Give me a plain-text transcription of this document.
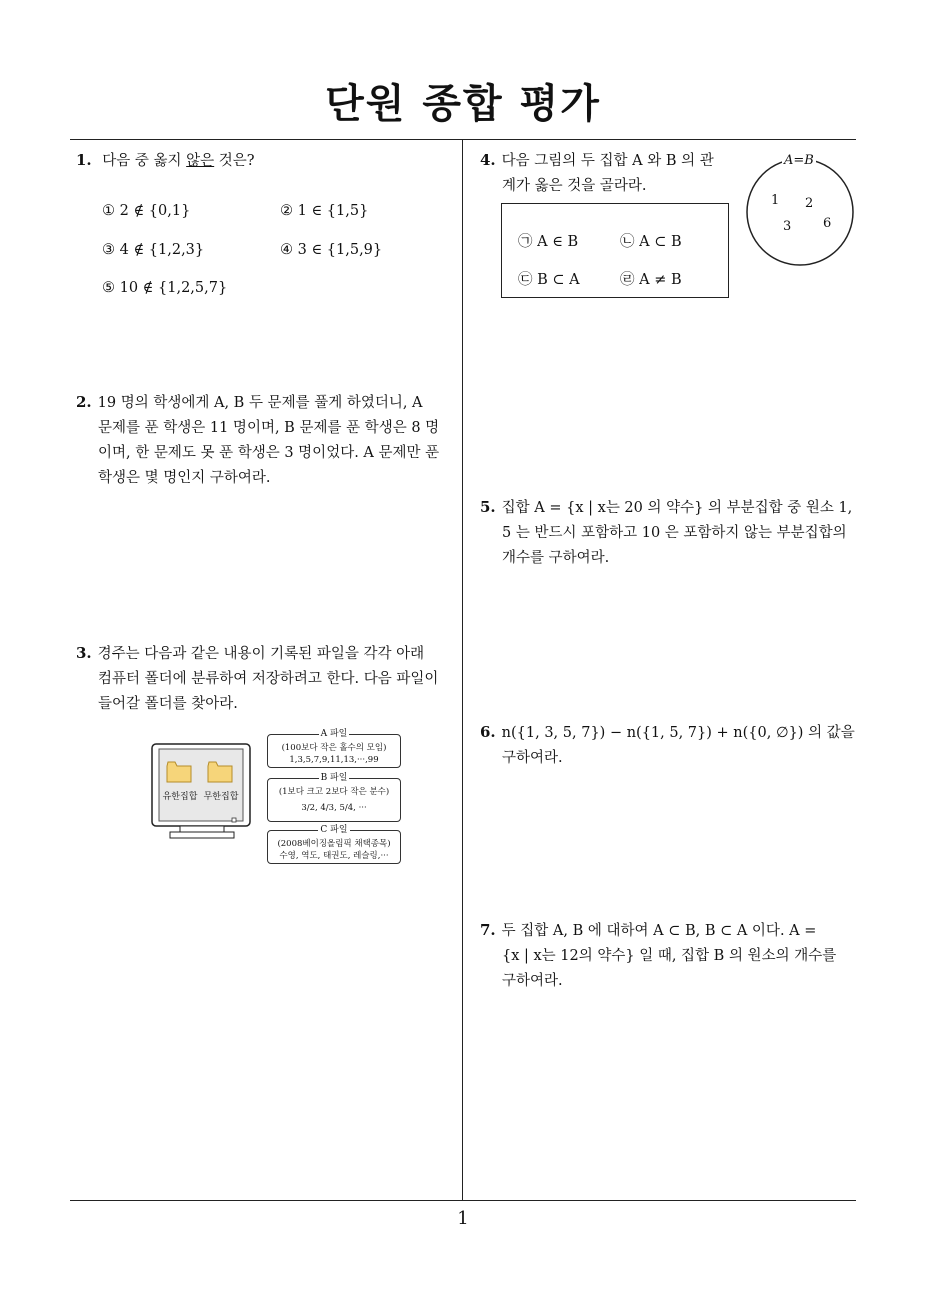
단원 종합 평가
1
1. 다음 중 옳지 않은 것은?
① 2 ∉ {0,1}	② 1 ∈ {1,5}
③ 4 ∉ {1,2,3}	④ 3 ∈ {1,5,9}
⑤ 10 ∉ {1,2,5,7}
2. 19 명의 학생에게 A, B 두 문제를 풀게 하였더니, A
문제를 푼 학생은 11 명이며, B 문제를 푼 학생은 8 명
이며, 한 문제도 못 푼 학생은 3 명이었다. A 문제만 푼
학생은 몇 명인지 구하여라.
3. 경주는 다음과 같은 내용이 기록된 파일을 각각 아래
컴퓨터 폴더에 분류하여 저장하려고 한다. 다음 파일이
들어갈 폴더를 찾아라.
유한집합 무한집합
A 파일
(100보다 작은 홀수의 모임)
1,3,5,7,9,11,13,···,99
B 파일
(1보다 크고 2보다 작은 분수)
3/2, 4/3, 5/4, ···
C 파일
(2008베이징올림픽 채택종목)
수영, 역도, 태권도, 레슬링,···
4. 다음 그림의 두 집합 A 와 B 의 관
계가 옳은 것을 골라라.
㉠ A ∈ B	㉡ A ⊂ B
㉢ B ⊂ A	㉣ A ≠ B
A=B
1 2
3 6
5. 집합 A = {x | x는 20 의 약수} 의 부분집합 중 원소 1,
5 는 반드시 포함하고 10 은 포함하지 않는 부분집합의
개수를 구하여라.
6. n({1, 3, 5, 7}) − n({1, 5, 7}) + n({0, ∅}) 의 값을
구하여라.
7. 두 집합 A, B 에 대하여 A ⊂ B, B ⊂ A 이다. A =
{x | x는 12의 약수} 일 때, 집합 B 의 원소의 개수를
구하여라.
